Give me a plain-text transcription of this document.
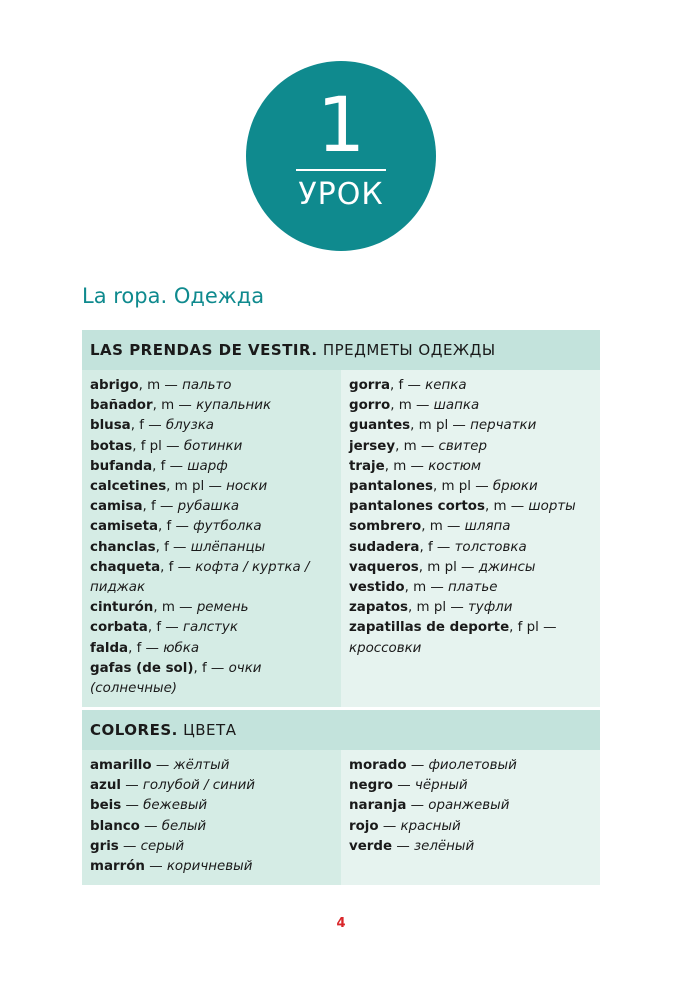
1
УРОК
La ropa. Одежда
LAS PRENDAS DE VESTIR. ПРЕДМЕТЫ ОДЕЖДЫ
abrigo, m — пальто
bañador, m — купальник
blusa, f — блузка
botas, f pl — ботинки
bufanda, f — шарф
calcetines, m pl — носки
camisa, f — рубашка
camiseta, f — футболка
chanclas, f — шлёпанцы
chaqueta, f — кофта / куртка /
пиджак
cinturón, m — ремень
corbata, f — галстук
falda, f — юбка
gafas (de sol), f — очки (солнечные)
gorra, f — кепка
gorro, m — шапка
guantes, m pl — перчатки
jersey, m — свитер
traje, m — костюм
pantalones, m pl — брюки
pantalones cortos, m — шорты
sombrero, m — шляпа
sudadera, f — толстовка
vaqueros, m pl — джинсы
vestido, m — платье
zapatos, m pl — туфли
zapatillas de deporte, f pl —
кроссовки
COLORES. ЦВЕТА
amarillo — жёлтый
azul — голубой / синий
beis — бежевый
blanco — белый
gris — серый
marrón — коричневый
morado — фиолетовый
negro — чёрный
naranja — оранжевый
rojo — красный
verde — зелёный
4
